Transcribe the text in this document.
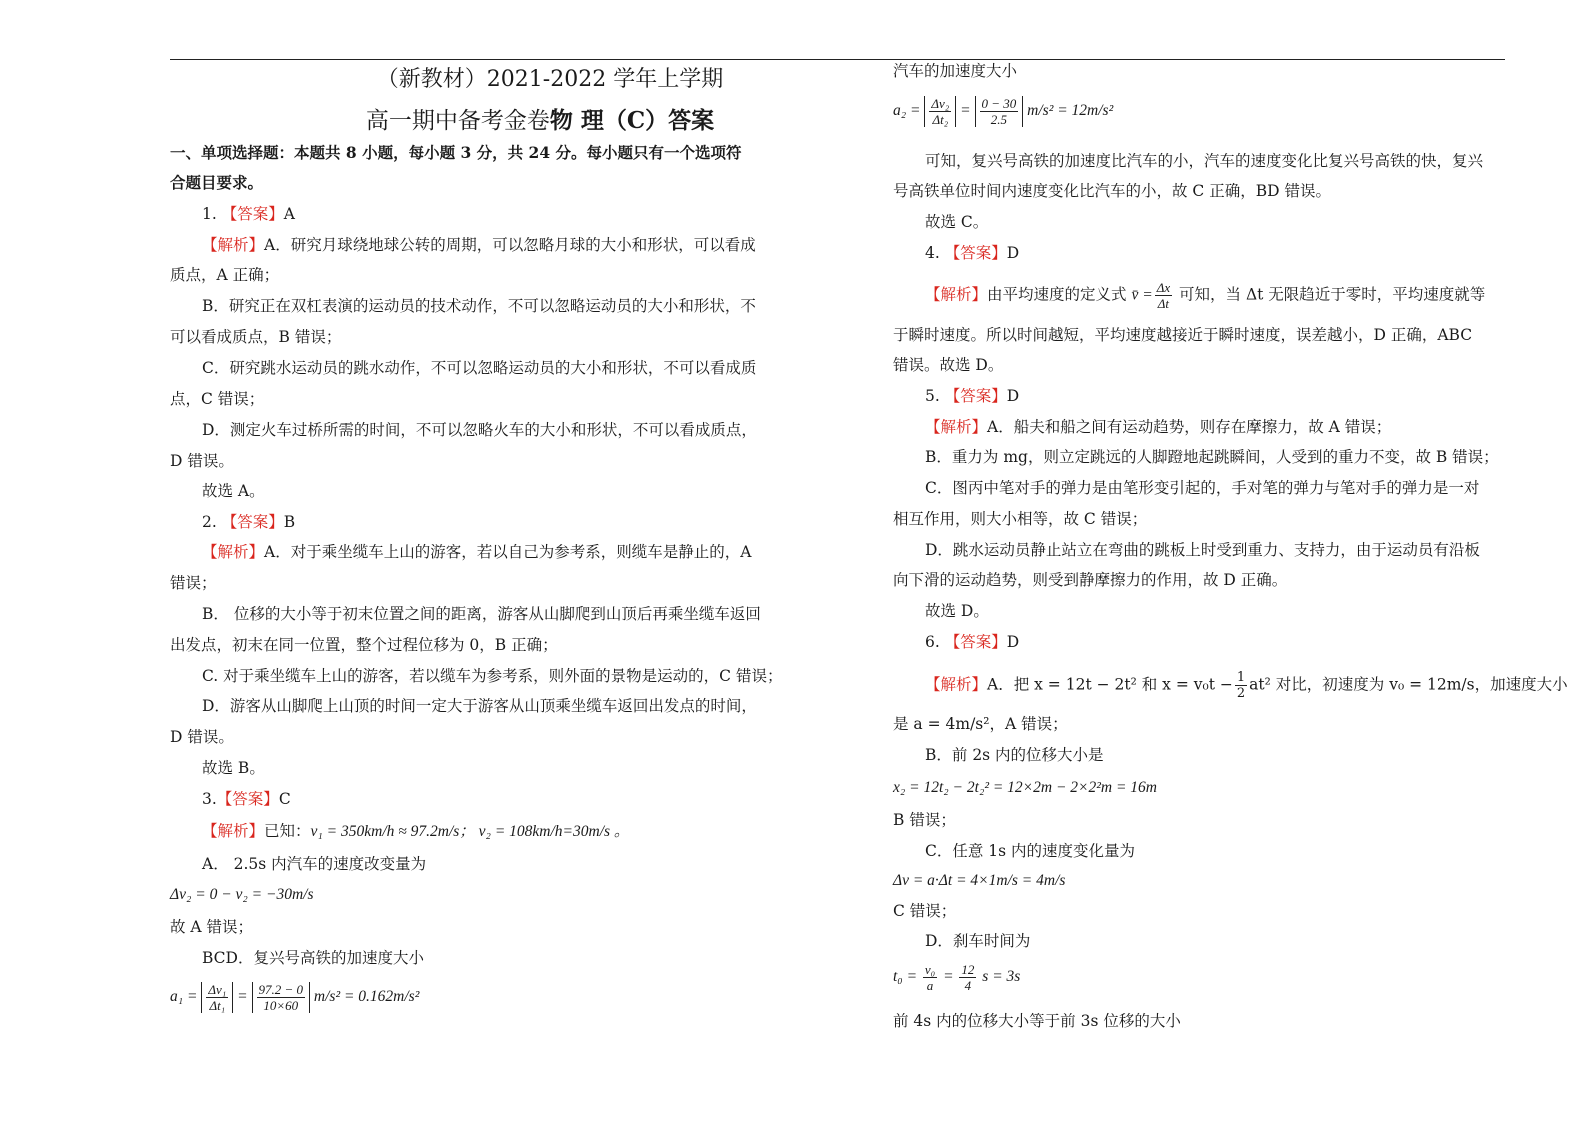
（新教材）2021-2022 学年上学期
高一期中备考金卷物 理（C）答案
一、单项选择题：本题共 8 小题，每小题 3 分，共 24 分。每小题只有一个选项符
合题目要求。
1. 【答案】A
【解析】A．研究月球绕地球公转的周期，可以忽略月球的大小和形状，可以看成
质点，A 正确；
B．研究正在双杠表演的运动员的技术动作，不可以忽略运动员的大小和形状，不
可以看成质点，B 错误；
C．研究跳水运动员的跳水动作，不可以忽略运动员的大小和形状，不可以看成质
点，C 错误；
D．测定火车过桥所需的时间，不可以忽略火车的大小和形状，不可以看成质点，
D 错误。
故选 A。
2. 【答案】B
【解析】A．对于乘坐缆车上山的游客，若以自己为参考系，则缆车是静止的，A
错误；
B． 位移的大小等于初末位置之间的距离，游客从山脚爬到山顶后再乘坐缆车返回
出发点，初末在同一位置，整个过程位移为 0，B 正确；
C. 对于乘坐缆车上山的游客，若以缆车为参考系，则外面的景物是运动的，C 错误；
D．游客从山脚爬上山顶的时间一定大于游客从山顶乘坐缆车返回出发点的时间，
D 错误。
故选 B。
3.【答案】C
【解析】已知：v₁ = 350km/h ≈ 97.2m/s； v₂ = 108km/h=30m/s 。
A． 2.5s 内汽车的速度改变量为
Δv₂ = 0 − v₂ = −30m/s
故 A 错误；
BCD．复兴号高铁的加速度大小
$a_1 = \frac{\text{Δv₁}}{\text{Δt₁}} = \frac{97.2 - 0}{10\times 60} m/s^2 = 0.162m/s^2$
汽车的加速度大小
$a_2 = \frac{\text{Δv₂}}{\text{Δt₂}} = \frac{0 - 30}{2.5} m/s^2 = 12m/s^2$
可知，复兴号高铁的加速度比汽车的小，汽车的速度变化比复兴号高铁的快，复兴
号高铁单位时间内速度变化比汽车的小，故 C 正确，BD 错误。
故选 C。
4. 【答案】D
【解析】由平均速度的定义式 v̄ = $\frac{\Delta x}{\Delta t}$ 可知，当 Δt 无限趋近于零时，平均速度就等
于瞬时速度。所以时间越短，平均速度越接近于瞬时速度，误差越小，D 正确，ABC
错误。故选 D。
5. 【答案】D
【解析】A．船夫和船之间有运动趋势，则存在摩擦力，故 A 错误；
B．重力为 mg，则立定跳远的人脚蹬地起跳瞬间，人受到的重力不变，故 B 错误；
C．图丙中笔对手的弹力是由笔形变引起的，手对笔的弹力与笔对手的弹力是一对
相互作用，则大小相等，故 C 错误；
D．跳水运动员静止站立在弯曲的跳板上时受到重力、支持力，由于运动员有沿板
向下滑的运动趋势，则受到静摩擦力的作用，故 D 正确。
故选 D。
6. 【答案】D
【解析】A．把 x = 12t − 2t² 和 $x = v_0t - \frac{1}{2} at^2$ 对比，初速度为 v₀ = 12m/s，加速度大小
是 a = 4m/s²，A 错误；
B．前 2s 内的位移大小是
x₂ = 12t₂ − 2t₂² = 12×2m − 2×2²m = 16m
B 错误；
C．任意 1s 内的速度变化量为
Δv = a·Δt = 4×1m/s = 4m/s
C 错误；
D．刹车时间为
$t_0 = \frac{\text{v₀}}{a} = \frac{12}{4}$ s = 3s
前 4s 内的位移大小等于前 3s 位移的大小
